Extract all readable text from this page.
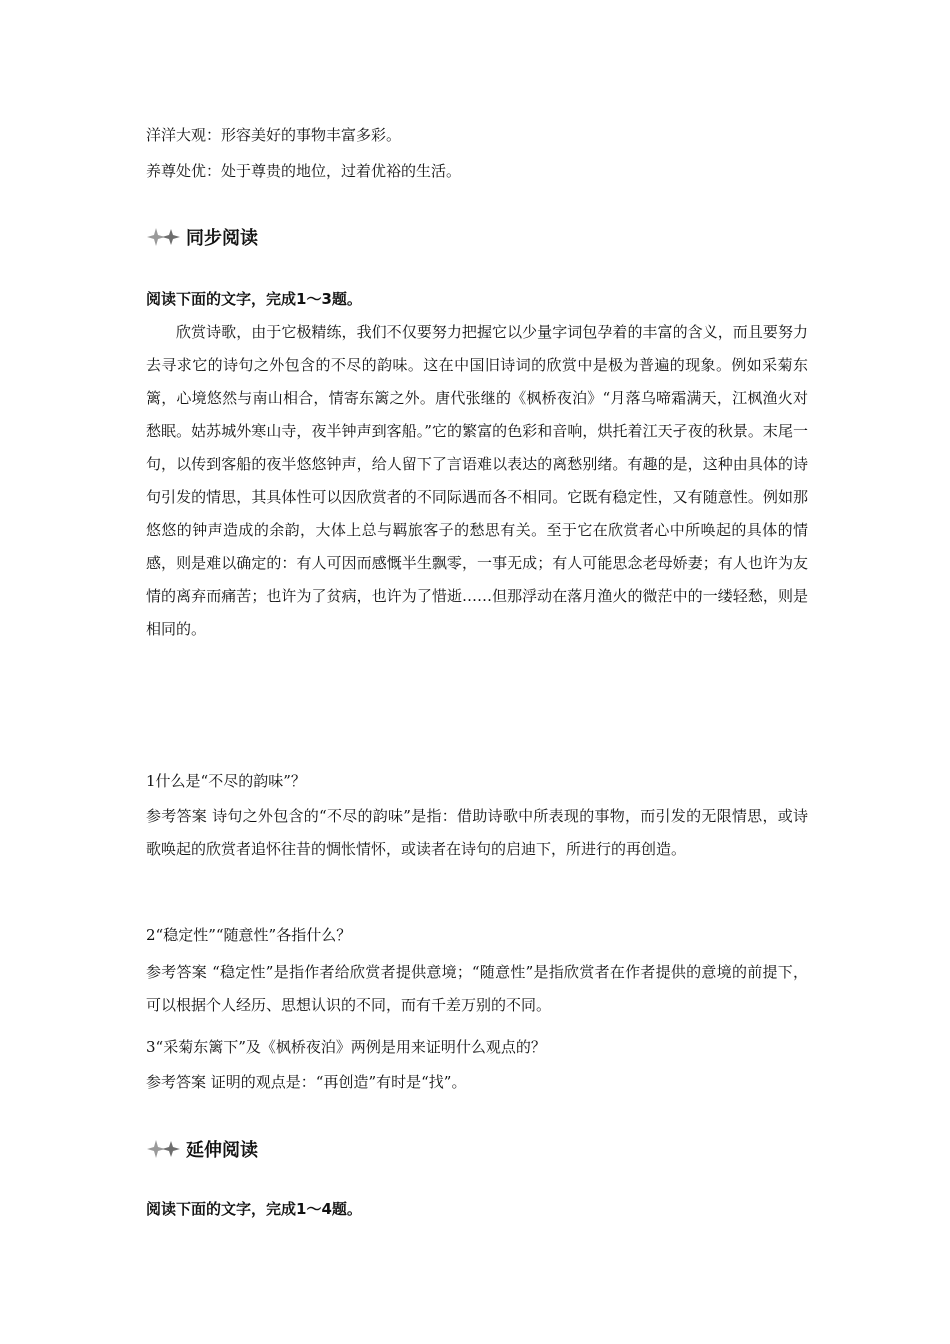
洋洋大观：形容美好的事物丰富多彩。
养尊处优：处于尊贵的地位，过着优裕的生活。
同步阅读
阅读下面的文字，完成1～3题。
欣赏诗歌，由于它极精练，我们不仅要努力把握它以少量字词包孕着的丰富的含义，而且要努力去寻求它的诗句之外包含的不尽的韵味。这在中国旧诗词的欣赏中是极为普遍的现象。例如采菊东篱，心境悠然与南山相合，情寄东篱之外。唐代张继的《枫桥夜泊》“月落乌啼霜满天，江枫渔火对愁眠。姑苏城外寒山寺，夜半钟声到客船。”它的繁富的色彩和音响，烘托着江天孑夜的秋景。末尾一句，以传到客船的夜半悠悠钟声，给人留下了言语难以表达的离愁别绪。有趣的是，这种由具体的诗句引发的情思，其具体性可以因欣赏者的不同际遇而各不相同。它既有稳定性，又有随意性。例如那悠悠的钟声造成的余韵，大体上总与羁旅客子的愁思有关。至于它在欣赏者心中所唤起的具体的情感，则是难以确定的：有人可因而感慨半生飘零，一事无成；有人可能思念老母娇妻；有人也许为友情的离弃而痛苦；也许为了贫病，也许为了惜逝……但那浮动在落月渔火的微茫中的一缕轻愁，则是相同的。
1什么是“不尽的韵味”？
参考答案 诗句之外包含的“不尽的韵味”是指：借助诗歌中所表现的事物，而引发的无限情思，或诗歌唤起的欣赏者追怀往昔的惆怅情怀，或读者在诗句的启迪下，所进行的再创造。
2“稳定性”“随意性”各指什么？
参考答案 “稳定性”是指作者给欣赏者提供意境；“随意性”是指欣赏者在作者提供的意境的前提下，可以根据个人经历、思想认识的不同，而有千差万别的不同。
3“采菊东篱下”及《枫桥夜泊》两例是用来证明什么观点的？
参考答案 证明的观点是：“再创造”有时是“找”。
延伸阅读
阅读下面的文字，完成1～4题。
